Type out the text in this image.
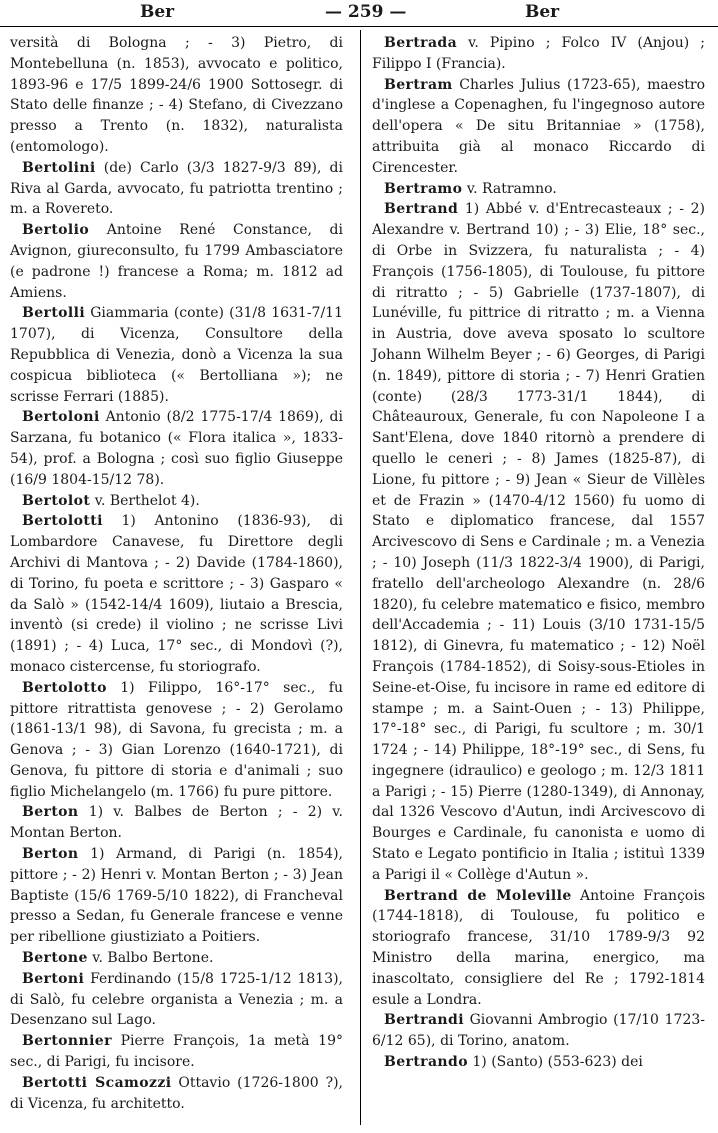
Ber	— 259 —	Ber

versità di Bologna ; - 3) Pietro, di Montebelluna (n. 1853), avvocato e politico, 1893-96 e 17/5 1899-24/6 1900 Sottosegr. di Stato delle finanze ; - 4) Stefano, di Civezzano presso a Trento (n. 1832), naturalista (entomologo).

Bertolini (de) Carlo (3/3 1827-9/3 89), di Riva al Garda, avvocato, fu patriotta trentino ; m. a Rovereto.

Bertolio Antoine René Constance, di Avignon, giureconsulto, fu 1799 Ambasciatore (e padrone !) francese a Roma; m. 1812 ad Amiens.

Bertolli Giammaria (conte) (31/8 1631-7/11 1707), di Vicenza, Consultore della Repubblica di Venezia, donò a Vicenza la sua cospicua biblioteca (« Bertolliana »); ne scrisse Ferrari (1885).

Bertoloni Antonio (8/2 1775-17/4 1869), di Sarzana, fu botanico (« Flora italica », 1833-54), prof. a Bologna ; così suo figlio Giuseppe (16/9 1804-15/12 78).

Bertolot v. Berthelot 4).

Bertolotti 1) Antonino (1836-93), di Lombardore Canavese, fu Direttore degli Archivi di Mantova ; - 2) Davide (1784-1860), di Torino, fu poeta e scrittore ; - 3) Gasparo « da Salò » (1542-14/4 1609), liutaio a Brescia, inventò (si crede) il violino ; ne scrisse Livi (1891) ; - 4) Luca, 17° sec., di Mondovì (?), monaco cistercense, fu storiografo.

Bertolotto 1) Filippo, 16°-17° sec., fu pittore ritrattista genovese ; - 2) Gerolamo (1861-13/1 98), di Savona, fu grecista ; m. a Genova ; - 3) Gian Lorenzo (1640-1721), di Genova, fu pittore di storia e d'animali ; suo figlio Michelangelo (m. 1766) fu pure pittore.

Berton 1) v. Balbes de Berton ; - 2) v. Montan Berton.

Berton 1) Armand, di Parigi (n. 1854), pittore ; - 2) Henri v. Montan Berton ; - 3) Jean Baptiste (15/6 1769-5/10 1822), di Francheval presso a Sedan, fu Generale francese e venne per ribellione giustiziato a Poitiers.

Bertone v. Balbo Bertone.

Bertoni Ferdinando (15/8 1725-1/12 1813), di Salò, fu celebre organista a Venezia ; m. a Desenzano sul Lago.

Bertonnier Pierre François, 1a metà 19° sec., di Parigi, fu incisore.

Bertotti Scamozzi Ottavio (1726-1800 ?), di Vicenza, fu architetto.

Bertrada v. Pipino ; Folco IV (Anjou) ; Filippo I (Francia).

Bertram Charles Julius (1723-65), maestro d'inglese a Copenaghen, fu l'ingegnoso autore dell'opera « De situ Britanniae » (1758), attribuita già al monaco Riccardo di Cirencester.

Bertramo v. Ratramno.

Bertrand 1) Abbé v. d'Entrecasteaux ; - 2) Alexandre v. Bertrand 10) ; - 3) Elie, 18° sec., di Orbe in Svizzera, fu naturalista ; - 4) François (1756-1805), di Toulouse, fu pittore di ritratto ; - 5) Gabrielle (1737-1807), di Lunéville, fu pittrice di ritratto ; m. a Vienna in Austria, dove aveva sposato lo scultore Johann Wilhelm Beyer ; - 6) Georges, di Parigi (n. 1849), pittore di storia ; - 7) Henri Gratien (conte) (28/3 1773-31/1 1844), di Châteauroux, Generale, fu con Napoleone I a Sant'Elena, dove 1840 ritornò a prendere di quello le ceneri ; - 8) James (1825-87), di Lione, fu pittore ; - 9) Jean « Sieur de Villèles et de Frazin » (1470-4/12 1560) fu uomo di Stato e diplomatico francese, dal 1557 Arcivescovo di Sens e Cardinale ; m. a Venezia ; - 10) Joseph (11/3 1822-3/4 1900), di Parigi, fratello dell'archeologo Alexandre (n. 28/6 1820), fu celebre matematico e fisico, membro dell'Accademia ; - 11) Louis (3/10 1731-15/5 1812), di Ginevra, fu matematico ; - 12) Noël François (1784-1852), di Soisy-sous-Etioles in Seine-et-Oise, fu incisore in rame ed editore di stampe ; m. a Saint-Ouen ; - 13) Philippe, 17°-18° sec., di Parigi, fu scultore ; m. 30/1 1724 ; - 14) Philippe, 18°-19° sec., di Sens, fu ingegnere (idraulico) e geologo ; m. 12/3 1811 a Parigi ; - 15) Pierre (1280-1349), di Annonay, dal 1326 Vescovo d'Autun, indi Arcivescovo di Bourges e Cardinale, fu canonista e uomo di Stato e Legato pontificio in Italia ; istituì 1339 a Parigi il « Collège d'Autun ».

Bertrand de Moleville Antoine François (1744-1818), di Toulouse, fu politico e storiografo francese, 31/10 1789-9/3 92 Ministro della marina, energico, ma inascoltato, consigliere del Re ; 1792-1814 esule a Londra.

Bertrandi Giovanni Ambrogio (17/10 1723-6/12 65), di Torino, anatom.

Bertrando 1) (Santo) (553-623) dei
